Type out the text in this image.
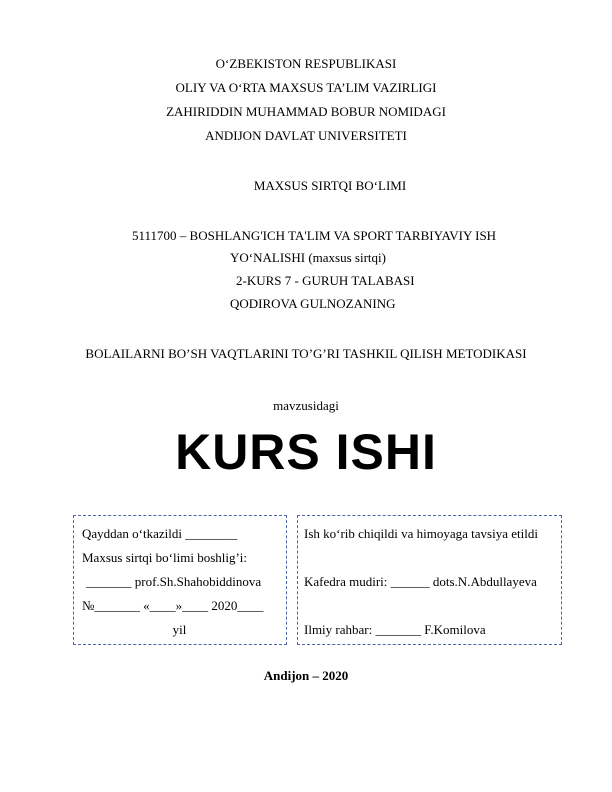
O‘ZBEKISTON RESPUBLIKASI
OLIY VA O‘RTA MAXSUS TA’LIM VAZIRLIGI
ZAHIRIDDIN MUHAMMAD BOBUR NOMIDAGI
ANDIJON DAVLAT UNIVERSITETI
MAXSUS SIRTQI BO‘LIMI
5111700 – BOSHLANG'ICH TA'LIM VA SPORT TARBIYAVIY ISH
YO‘NALISHI (maxsus sirtqi)
2-KURS 7 - GURUH TALABASI
QODIROVA GULNOZANING
BOLAILARNI BO’SH VAQTLARINI TO’G’RI TASHKIL QILISH METODIKASI
mavzusidagi
KURS ISHI
Qayddan o‘tkazildi ________
Maxsus sirtqi bo‘limi boshlig’i:
_______ prof.Sh.Shahobiddinova
№_______ «____»____ 2020____
yil
Ish ko‘rib chiqildi va himoyaga tavsiya etildi
Kafedra mudiri: ______ dots.N.Abdullayeva
Ilmiy rahbar: _______ F.Komilova
Andijon – 2020
